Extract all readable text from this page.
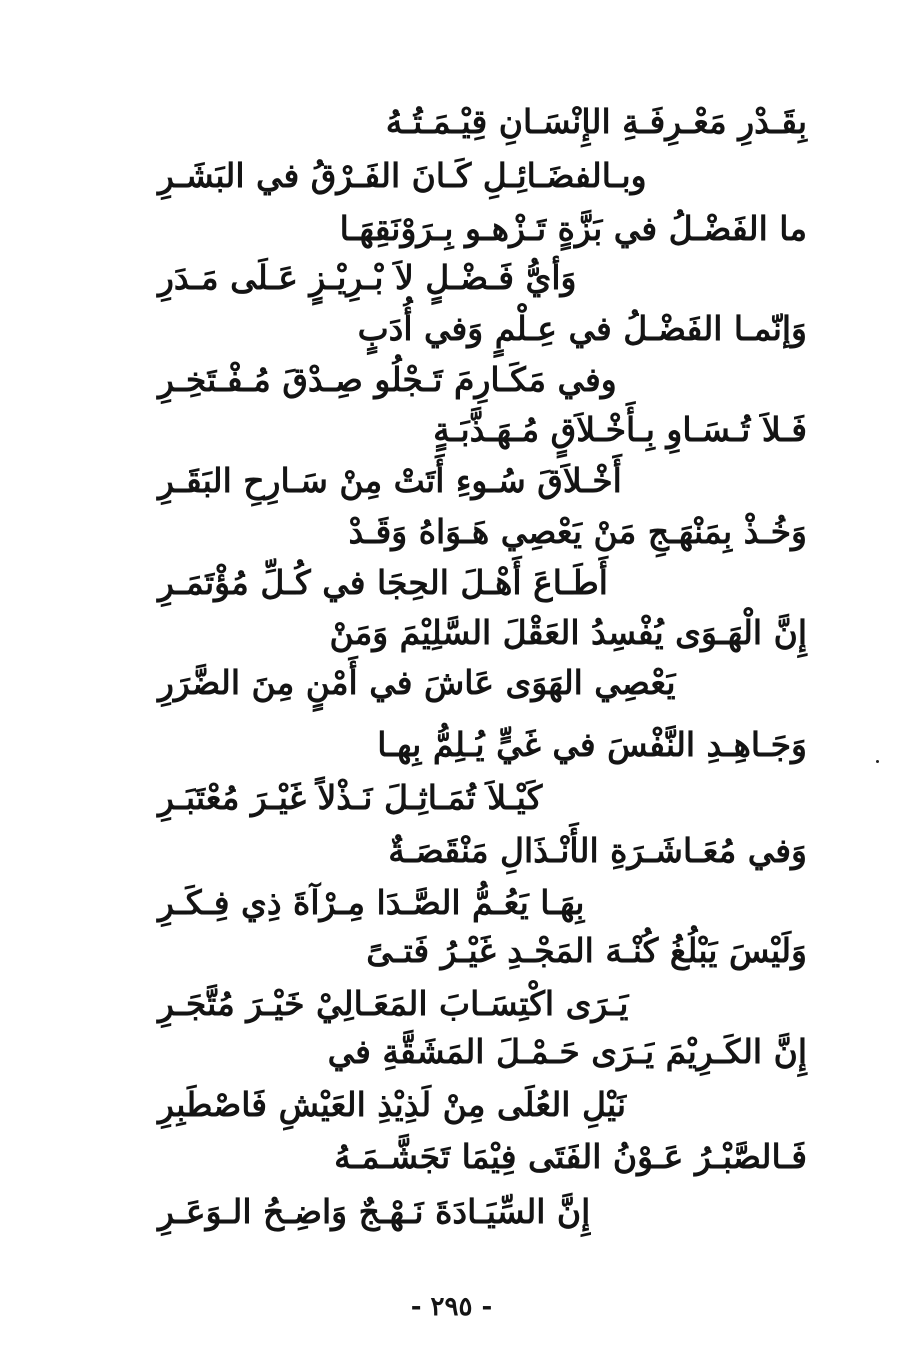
بِقَـدْرِ مَعْـرِفَـةِ الإِنْسَـانِ قِيْـمَـتُـهُ
وبـالفضَـائِـلِ كَـانَ الفَـرْقُ في البَشَـرِ
ما الفَضْـلُ في بَزَّةٍ تَـزْهـو بِـرَوْنَقِهَـا
وَأيُّ فَـضْـلٍ لاَ بْـرِيْـزٍ عَـلَى مَـدَرِ
وَإنّمـا الفَضْـلُ في عِـلْمٍ وَفي أُدَبٍ
وفي مَكَـارِمَ تَـجْلُو صِـدْقَ مُـفْـتَخِـرِ
فَـلاَ تُـسَـاوِ بِـأَخْـلاَقٍ مُـهَـذَّبَـةٍ
أَخْـلاَقَ سُـوءِ أَتَتْ مِنْ سَـارِحِ البَقَـرِ
وَخُـذْ بِمَنْهَـجِ مَنْ يَعْصِي هَـوَاهُ وَقَـدْ
أَطَـاعَ أَهْـلَ الحِجَا في كُـلِّ مُؤْتَمَـرِ
إِنَّ الْهَـوَى يُفْسِدُ العَقْلَ السَّلِيْمَ وَمَنْ
يَعْصِي الهَوَى عَاشَ في أَمْنٍ مِنَ الضَّرَرِ
وَجَـاهِـدِ النَّفْسَ في غَيٍّ يُـلِمُّ بِهـا
كَيْـلاَ تُمَـاثِـلَ نَـذْلاً غَيْـرَ مُعْتَبَـرِ
وَفي مُعَـاشَـرَةِ الأَنْـذَالِ مَنْقَصَـةٌ
بِهَـا يَعُـمُّ الصَّـدَا مِـرْآةَ ذِي فِـكَـرِ
وَلَيْسَ يَبْلُغُ كُنْـهَ المَجْـدِ غَيْـرُ فَتـىً
يَـرَى اكْتِسَـابَ المَعَـالِيْ خَيْـرَ مُتَّجَـرِ
إِنَّ الكَـرِيْمَ يَـرَى حَـمْـلَ المَشَقَّةِ في
نَيْلِ العُلَى مِنْ لَذِيْذِ العَيْشِ فَاصْطَبِرِ
فَـالصَّبْـرُ عَـوْنُ الفَتَى فِيْمَا تَجَشَّـمَـهُ
إِنَّ السِّيَـادَةَ نَـهْـجٌ وَاضِـحُ الـوَعَـرِ
- ٢٩٥ -
